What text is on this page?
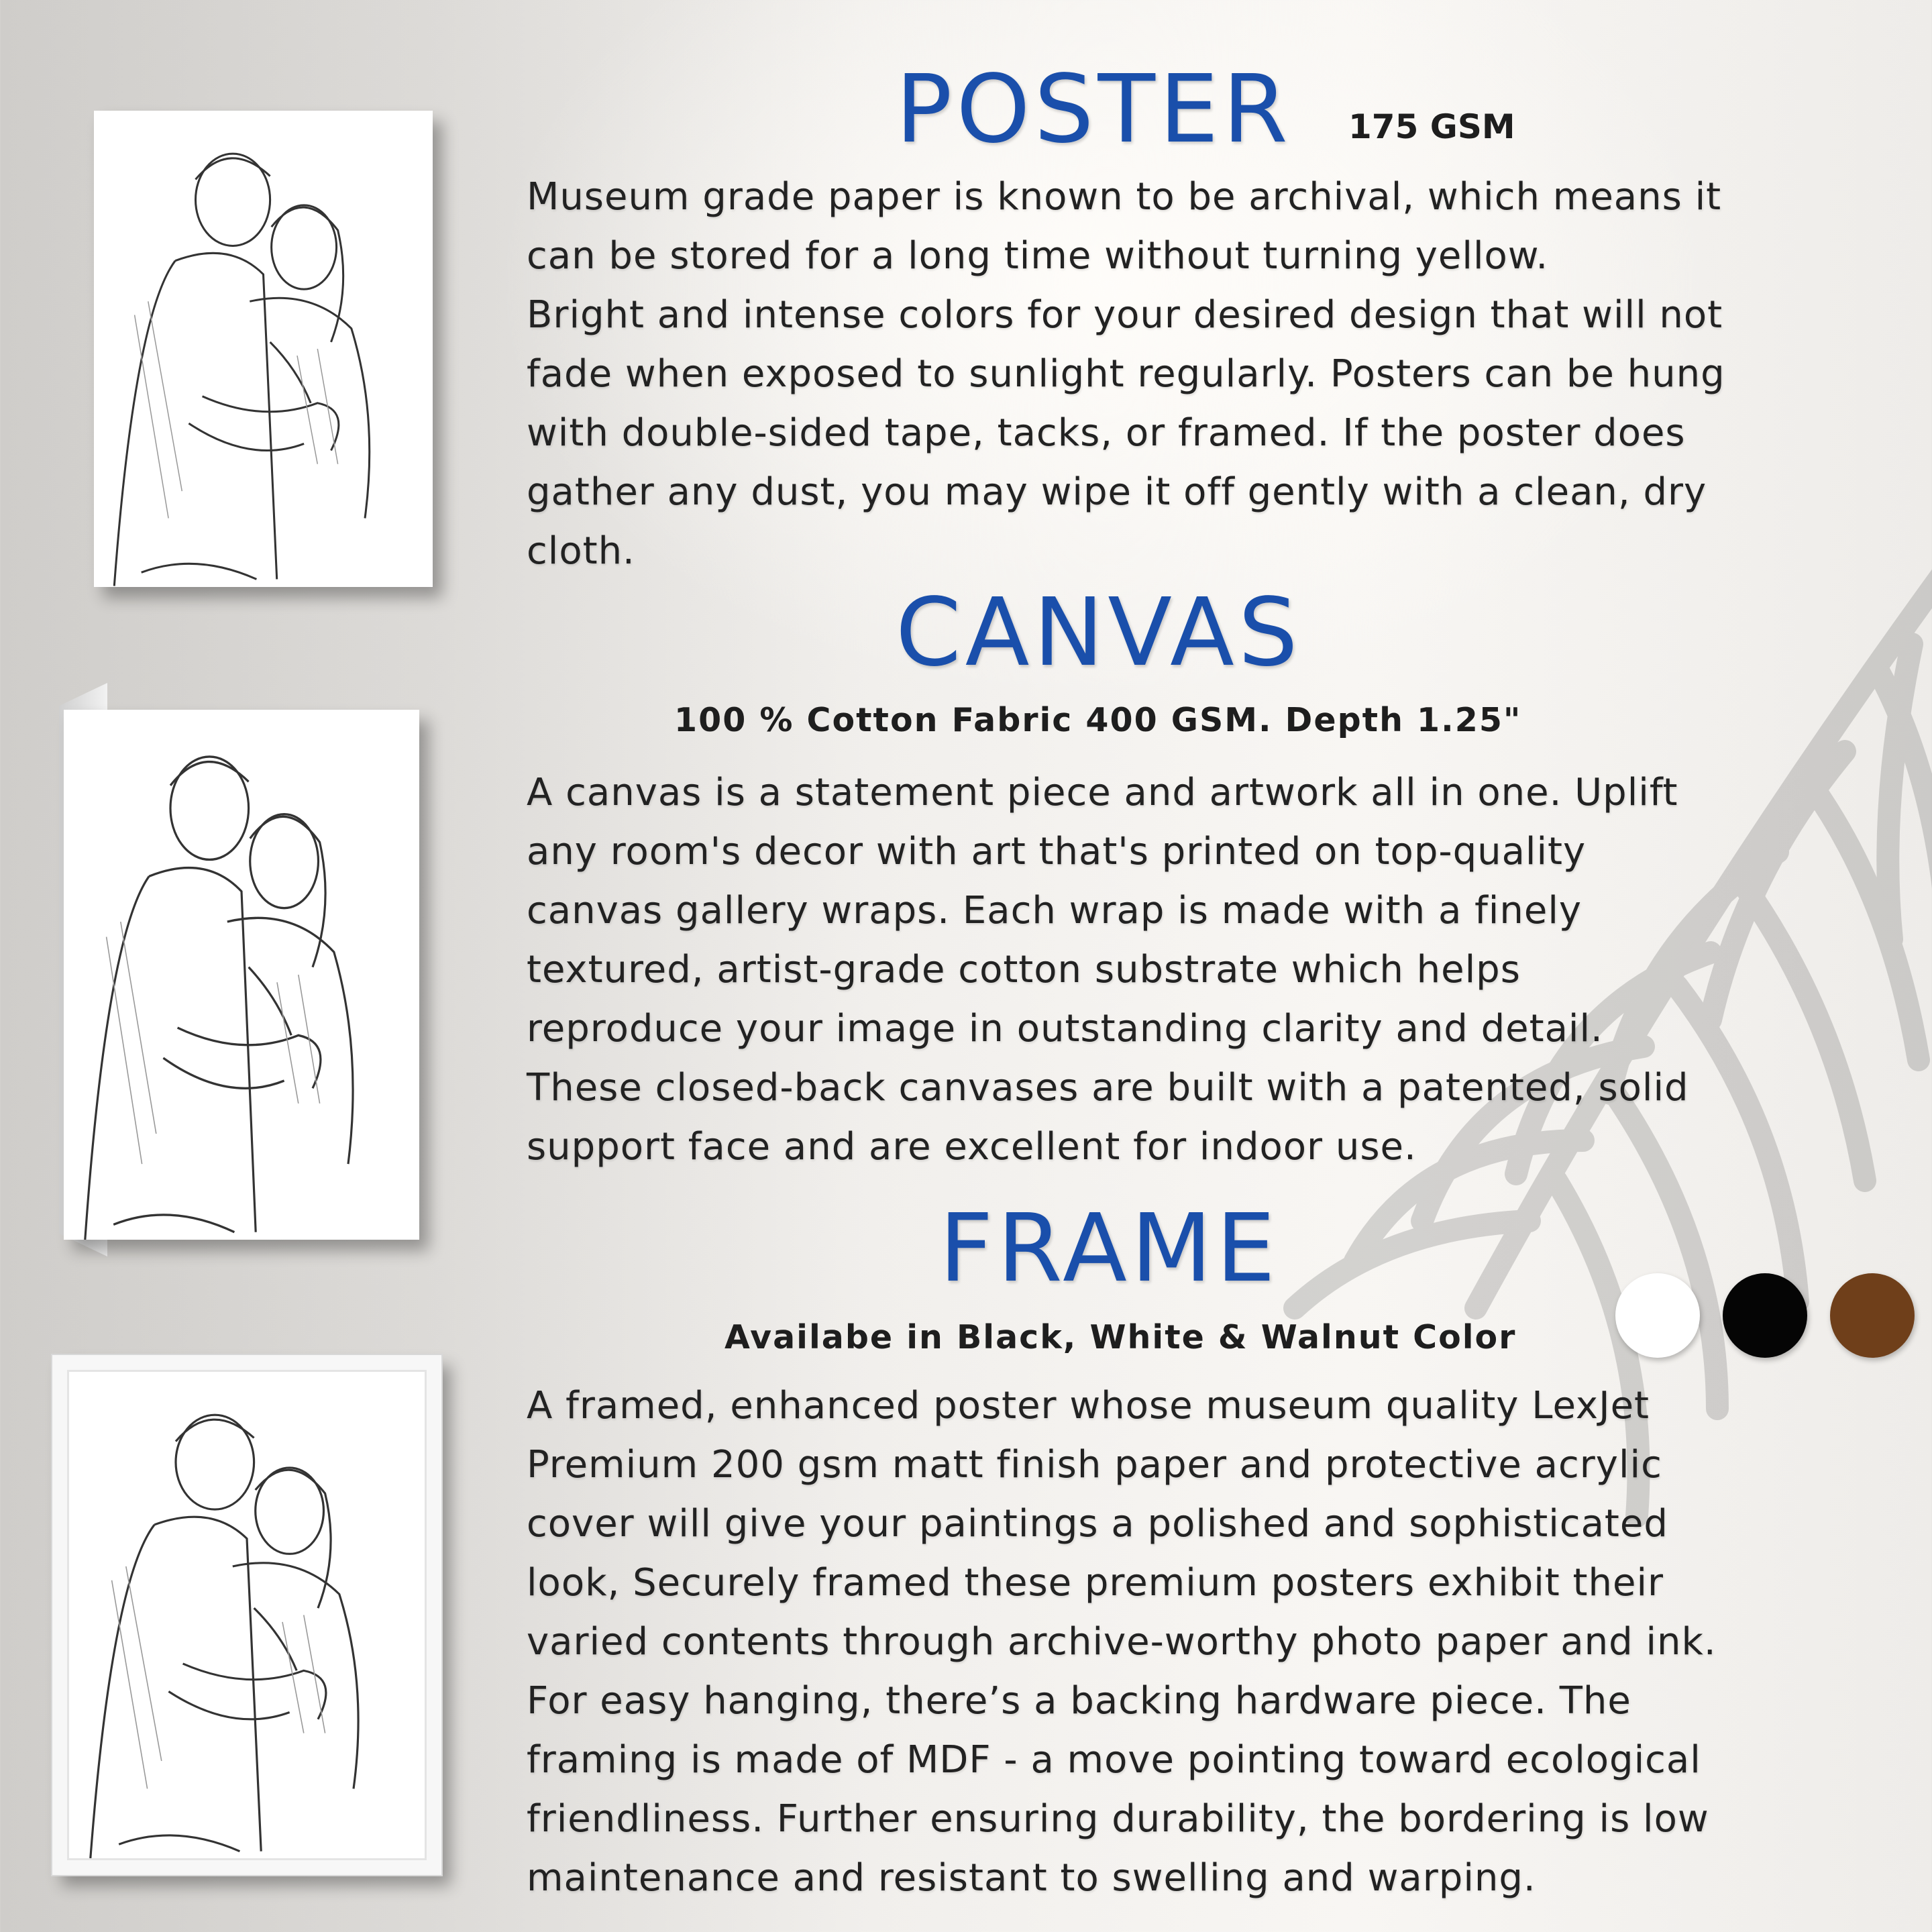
POSTER 175 GSM

Museum grade paper is known to be archival, which means it
can be stored for a long time without turning yellow.
Bright and intense colors for your desired design that will not
fade when exposed to sunlight regularly. Posters can be hung
with double-sided tape, tacks, or framed. If the poster does
gather any dust, you may wipe it off gently with a clean, dry
cloth.

CANVAS

100 % Cotton Fabric 400 GSM. Depth 1.25"

A canvas is a statement piece and artwork all in one. Uplift
any room's decor with art that's printed on top-quality
canvas gallery wraps. Each wrap is made with a finely
textured, artist-grade cotton substrate which helps
reproduce your image in outstanding clarity and detail.
These closed-back canvases are built with a patented, solid
support face and are excellent for indoor use.

FRAME

Availabe in Black, White & Walnut Color

A framed, enhanced poster whose museum quality LexJet
Premium 200 gsm matt finish paper and protective acrylic
cover will give your paintings a polished and sophisticated
look, Securely framed these premium posters exhibit their
varied contents through archive-worthy photo paper and ink.
For easy hanging, there’s a backing hardware piece. The
framing is made of MDF - a move pointing toward ecological
friendliness. Further ensuring durability, the bordering is low
maintenance and resistant to swelling and warping.
